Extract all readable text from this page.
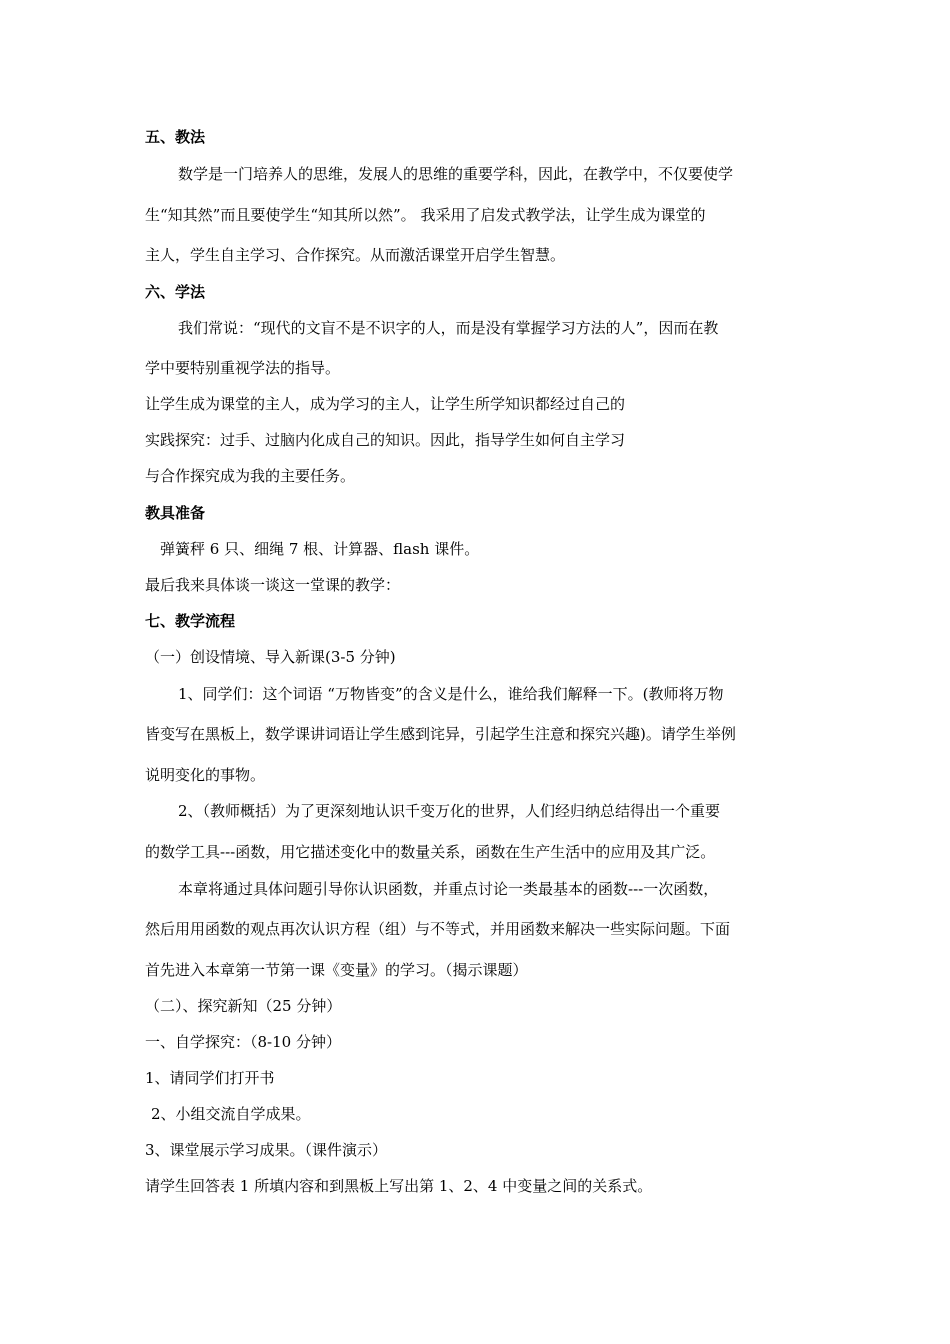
五、教法
数学是一门培养人的思维，发展人的思维的重要学科，因此，在教学中，不仅要使学
生“知其然”而且要使学生“知其所以然”。 我采用了启发式教学法，让学生成为课堂的
主人，学生自主学习、合作探究。从而激活课堂开启学生智慧。
六、学法
我们常说：“现代的文盲不是不识字的人，而是没有掌握学习方法的人”，因而在教
学中要特别重视学法的指导。
让学生成为课堂的主人，成为学习的主人，让学生所学知识都经过自己的
实践探究：过手、过脑内化成自己的知识。因此，指导学生如何自主学习
与合作探究成为我的主要任务。
教具准备
弹簧秤 6 只、细绳 7 根、计算器、flash 课件。
最后我来具体谈一谈这一堂课的教学：
七、教学流程
（一）创设情境、导入新课(3-5 分钟)
1、同学们：这个词语 “万物皆变”的含义是什么，谁给我们解释一下。(教师将万物
皆变写在黑板上，数学课讲词语让学生感到诧异，引起学生注意和探究兴趣)。请学生举例
说明变化的事物。
2、（教师概括）为了更深刻地认识千变万化的世界，人们经归纳总结得出一个重要
的数学工具---函数，用它描述变化中的数量关系，函数在生产生活中的应用及其广泛。
本章将通过具体问题引导你认识函数，并重点讨论一类最基本的函数---一次函数，
然后用用函数的观点再次认识方程（组）与不等式，并用函数来解决一些实际问题。下面
首先进入本章第一节第一课《变量》的学习。（揭示课题）
（二）、探究新知（25 分钟）
一、自学探究：（8-10 分钟）
1、请同学们打开书
2、小组交流自学成果。
3、课堂展示学习成果。（课件演示）
请学生回答表 1 所填内容和到黑板上写出第 1、2、4 中变量之间的关系式。
